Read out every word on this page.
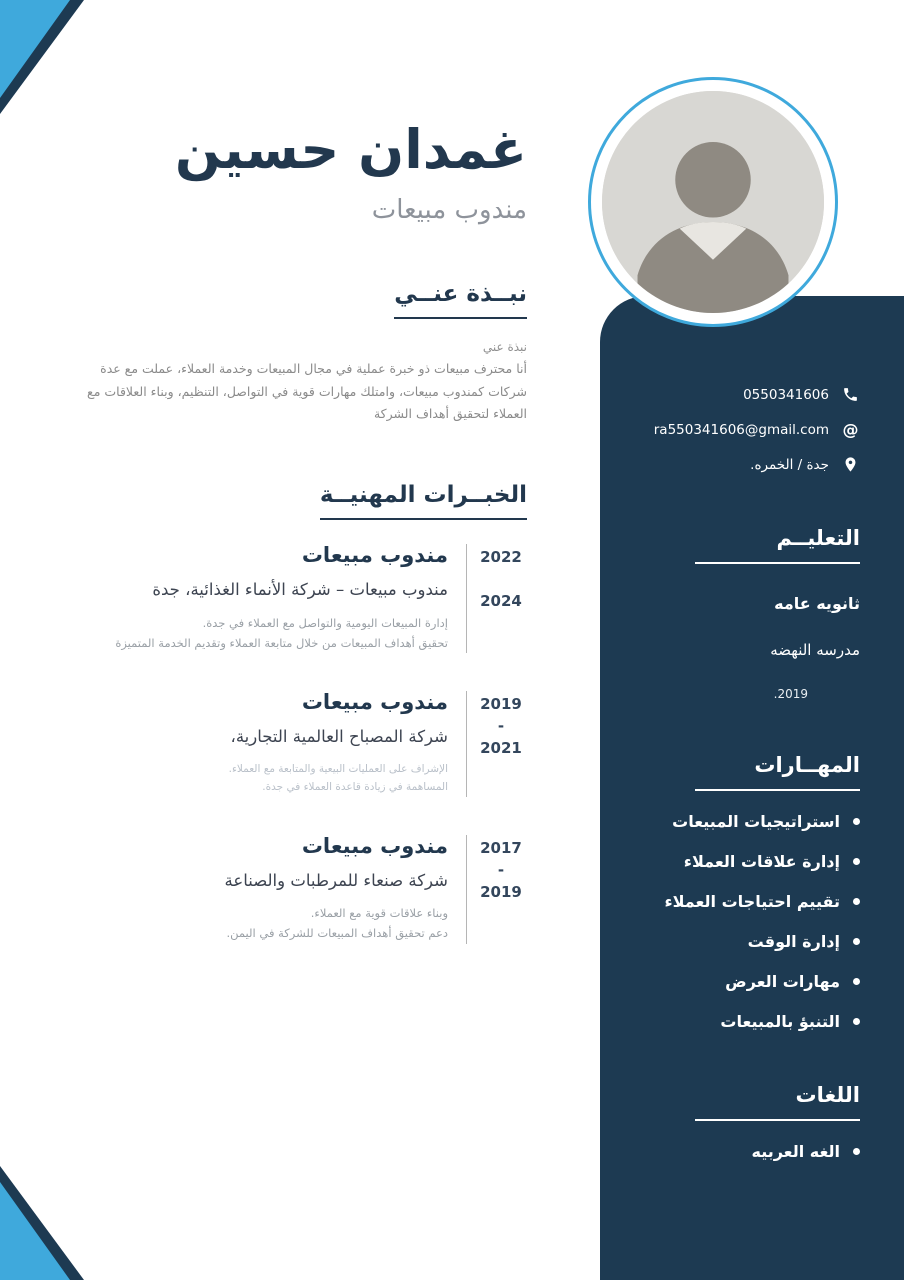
0550341606
@
ra550341606@gmail.com
جدة / الخمره.
التعليــم
ثانويه عامه
مدرسه النهضه
2019.
المهــارات
استراتيجيات المبيعات
إدارة علاقات العملاء
تقييم احتياجات العملاء
إدارة الوقت
مهارات العرض
التنبؤ بالمبيعات
اللغات
الغه العربيه
غمدان حسين
مندوب مبيعات
نبــذة عنــي

نبذة عني

أنا محترف مبيعات ذو خبرة عملية في مجال المبيعات وخدمة العملاء، عملت مع عدة شركات كمندوب مبيعات، وامتلك مهارات قوية في التواصل، التنظيم، وبناء العلاقات مع العملاء لتحقيق أهداف الشركة

الخبــرات المهنيــة
2022
2024
مندوب مبيعات
مندوب مبيعات – شركة الأنماء الغذائية، جدة
إدارة المبيعات اليومية والتواصل مع العملاء في جدة.
تحقيق أهداف المبيعات من خلال متابعة العملاء وتقديم الخدمة المتميزة
2019
-
2021
مندوب مبيعات
شركة المصباح العالمية التجارية،
الإشراف على العمليات البيعية والمتابعة مع العملاء.
المساهمة في زيادة قاعدة العملاء في جدة.
2017
-
2019
مندوب مبيعات
شركة صنعاء للمرطبات والصناعة
وبناء علاقات قوية مع العملاء.
دعم تحقيق أهداف المبيعات للشركة في اليمن.
